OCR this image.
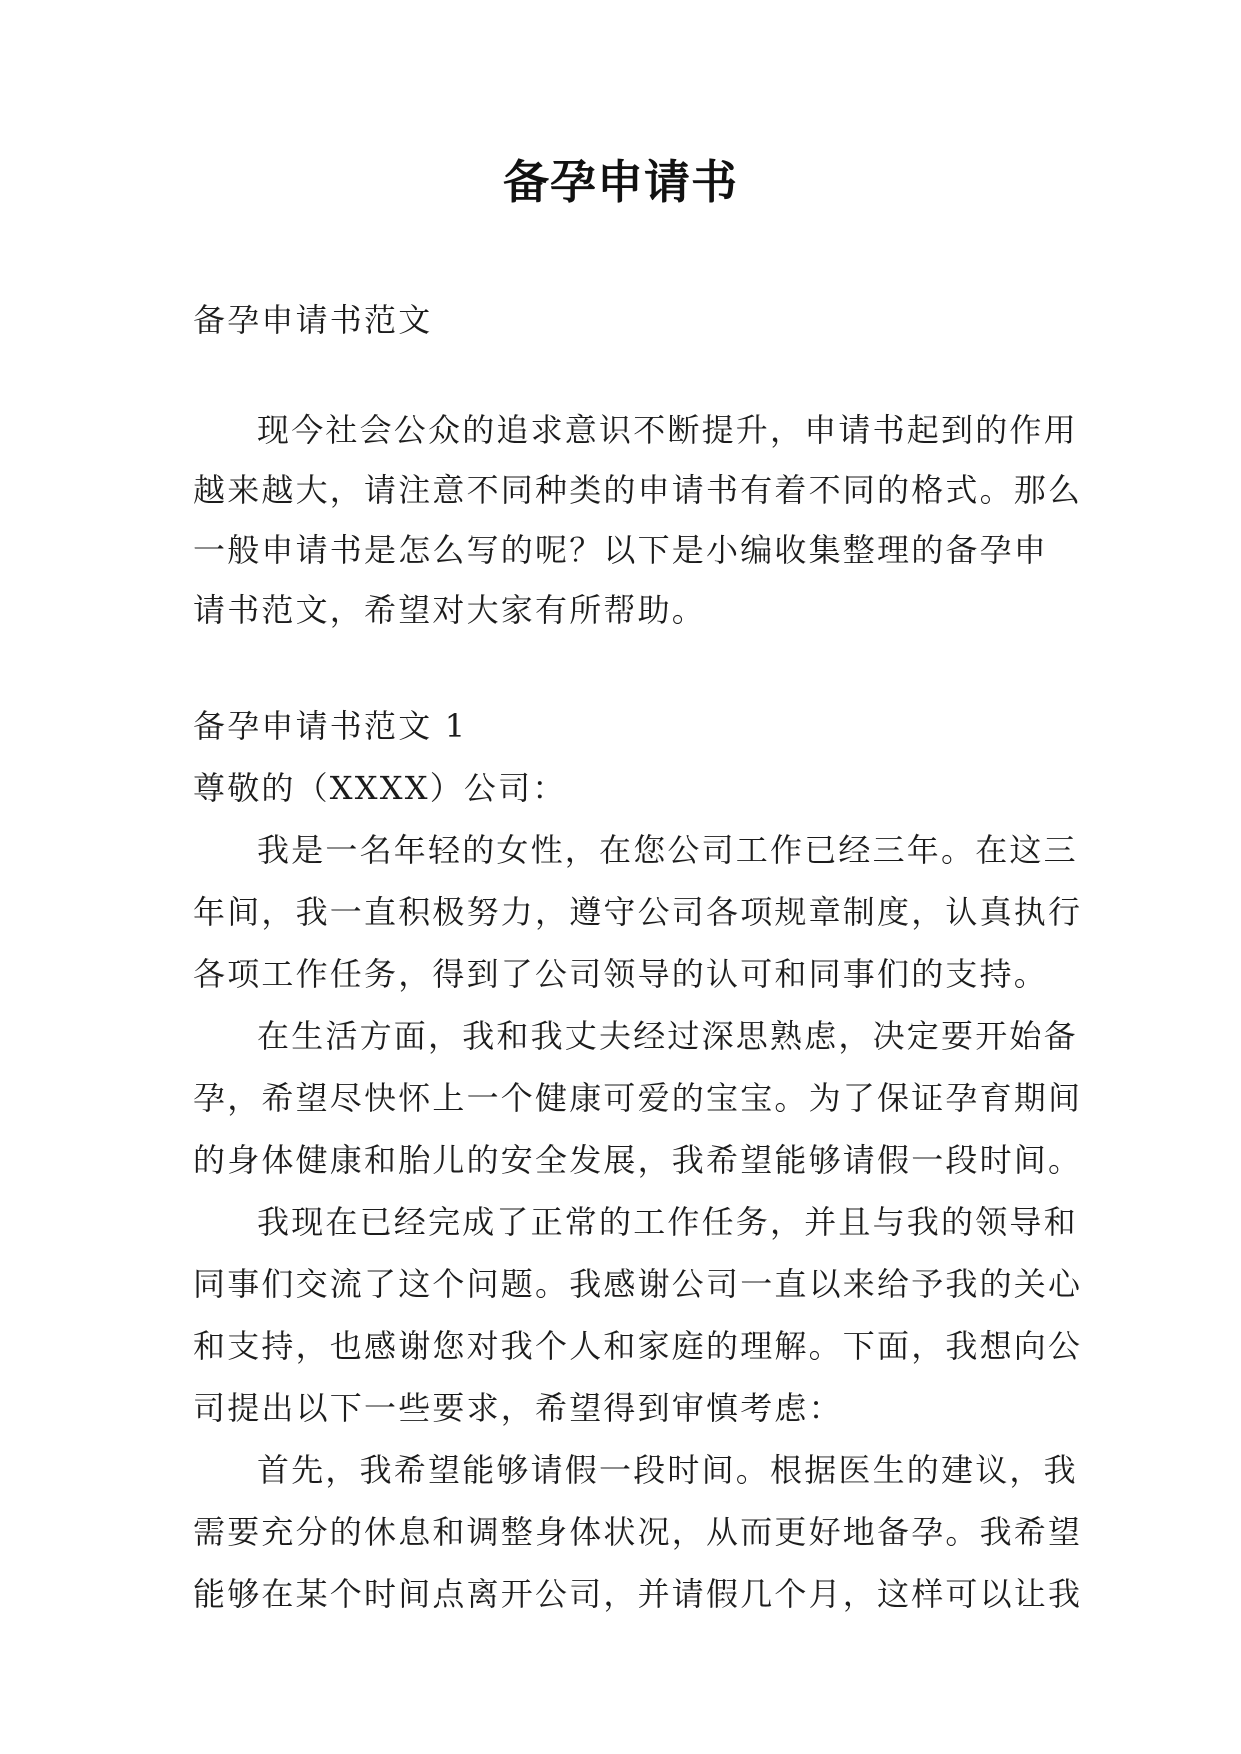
备孕申请书
备孕申请书范文
现今社会公众的追求意识不断提升，申请书起到的作用
越来越大，请注意不同种类的申请书有着不同的格式。那么
一般申请书是怎么写的呢？以下是小编收集整理的备孕申
请书范文，希望对大家有所帮助。
备孕申请书范文 1
尊敬的（XXXX）公司：
我是一名年轻的女性，在您公司工作已经三年。在这三
年间，我一直积极努力，遵守公司各项规章制度，认真执行
各项工作任务，得到了公司领导的认可和同事们的支持。
在生活方面，我和我丈夫经过深思熟虑，决定要开始备
孕，希望尽快怀上一个健康可爱的宝宝。为了保证孕育期间
的身体健康和胎儿的安全发展，我希望能够请假一段时间。
我现在已经完成了正常的工作任务，并且与我的领导和
同事们交流了这个问题。我感谢公司一直以来给予我的关心
和支持，也感谢您对我个人和家庭的理解。下面，我想向公
司提出以下一些要求，希望得到审慎考虑：
首先，我希望能够请假一段时间。根据医生的建议，我
需要充分的休息和调整身体状况，从而更好地备孕。我希望
能够在某个时间点离开公司，并请假几个月，这样可以让我
